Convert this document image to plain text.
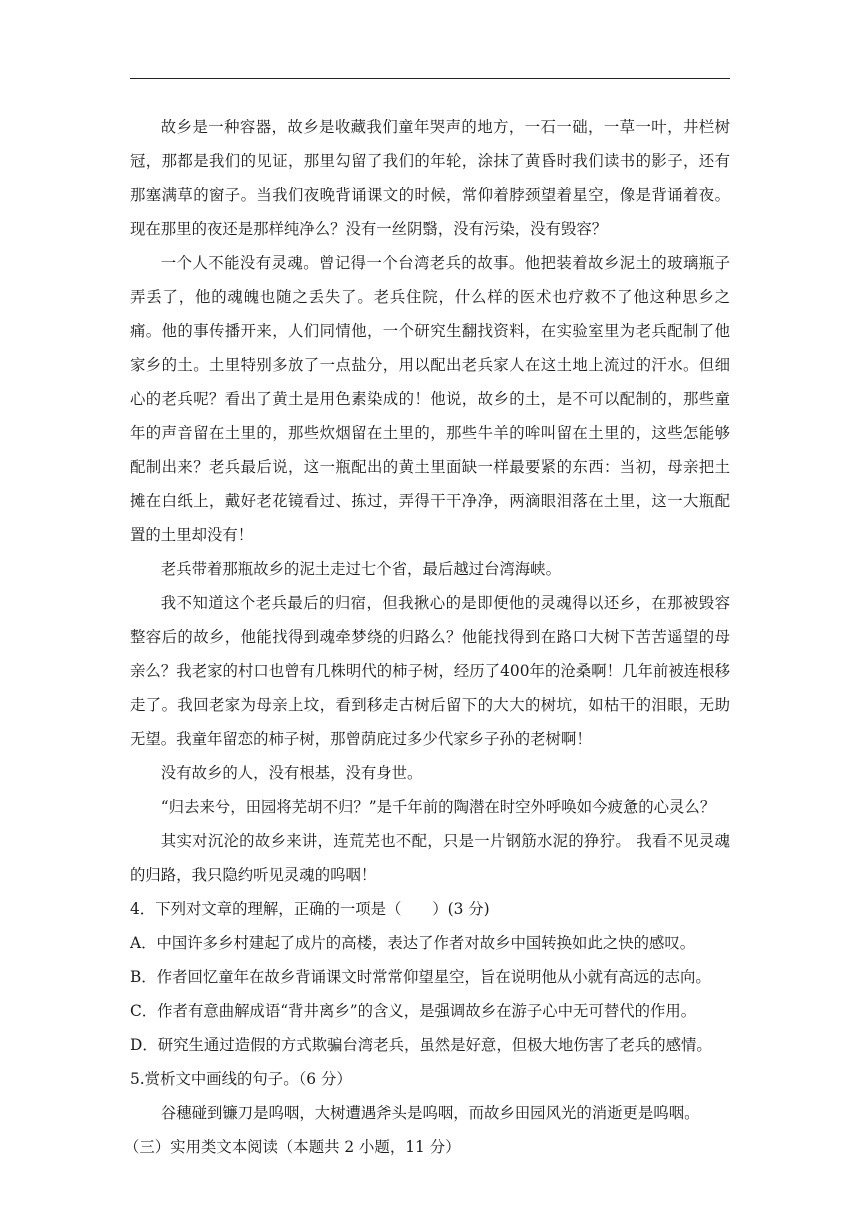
故乡是一种容器，故乡是收藏我们童年哭声的地方，一石一础，一草一叶，井栏树冠，那都是我们的见证，那里勾留了我们的年轮，涂抹了黄昏时我们读书的影子，还有那塞满草的窗子。当我们夜晚背诵课文的时候，常仰着脖颈望着星空，像是背诵着夜。现在那里的夜还是那样纯净么？没有一丝阴翳，没有污染，没有毁容？

一个人不能没有灵魂。曾记得一个台湾老兵的故事。他把装着故乡泥土的玻璃瓶子弄丢了，他的魂魄也随之丢失了。老兵住院，什么样的医术也疗救不了他这种思乡之痛。他的事传播开来，人们同情他，一个研究生翻找资料，在实验室里为老兵配制了他家乡的土。土里特别多放了一点盐分，用以配出老兵家人在这土地上流过的汗水。但细心的老兵呢？看出了黄土是用色素染成的！他说，故乡的土，是不可以配制的，那些童年的声音留在土里的，那些炊烟留在土里的，那些牛羊的哞叫留在土里的，这些怎能够配制出来？老兵最后说，这一瓶配出的黄土里面缺一样最要紧的东西：当初，母亲把土摊在白纸上，戴好老花镜看过、拣过，弄得干干净净，两滴眼泪落在土里，这一大瓶配置的土里却没有！

老兵带着那瓶故乡的泥土走过七个省，最后越过台湾海峡。

我不知道这个老兵最后的归宿，但我揪心的是即便他的灵魂得以还乡，在那被毁容整容后的故乡，他能找得到魂牵梦绕的归路么？他能找得到在路口大树下苦苦遥望的母亲么？我老家的村口也曾有几株明代的柿子树，经历了400年的沧桑啊！几年前被连根移走了。我回老家为母亲上坟，看到移走古树后留下的大大的树坑，如枯干的泪眼，无助无望。我童年留恋的柿子树，那曾荫庇过多少代家乡子孙的老树啊！

没有故乡的人，没有根基，没有身世。

“归去来兮，田园将芜胡不归？”是千年前的陶潜在时空外呼唤如今疲惫的心灵么？

其实对沉沦的故乡来讲，连荒芜也不配，只是一片钢筋水泥的狰狞。 我看不见灵魂的归路，我只隐约听见灵魂的呜咽！

4．下列对文章的理解，正确的一项是（　　）(3 分)

A．中国许多乡村建起了成片的高楼，表达了作者对故乡中国转换如此之快的感叹。

B．作者回忆童年在故乡背诵课文时常常仰望星空，旨在说明他从小就有高远的志向。

C．作者有意曲解成语“背井离乡”的含义，是强调故乡在游子心中无可替代的作用。

D．研究生通过造假的方式欺骗台湾老兵，虽然是好意，但极大地伤害了老兵的感情。

5.赏析文中画线的句子。（6 分）

谷穗碰到镰刀是呜咽，大树遭遇斧头是呜咽，而故乡田园风光的消逝更是呜咽。

（三）实用类文本阅读（本题共 2 小题，11 分）
